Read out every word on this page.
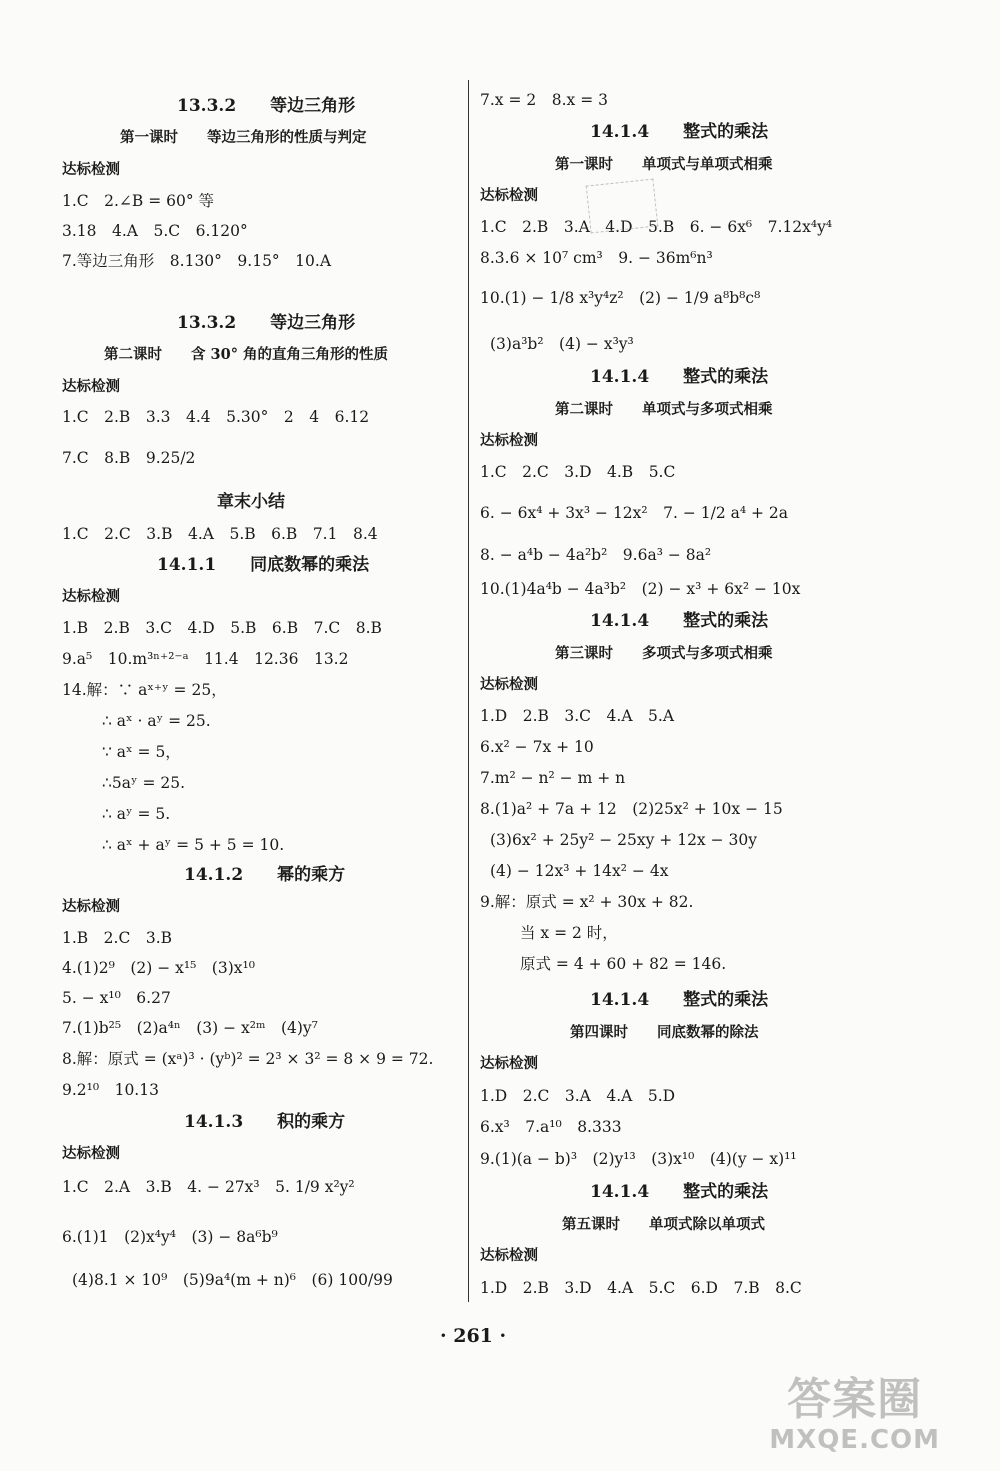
13.3.2　　等边三角形
第一课时　　等边三角形的性质与判定
达标检测
1.C　2.∠B = 60° 等
3.18　4.A　5.C　6.120°
7.等边三角形　8.130°　9.15°　10.A
13.3.2　　等边三角形
第二课时　　含 30° 角的直角三角形的性质
达标检测
1.C　2.B　3.3　4.4　5.30°　2　4　6.12
7.C　8.B　9.25/2
章末小结
1.C　2.C　3.B　4.A　5.B　6.B　7.1　8.4
14.1.1　　同底数幂的乘法
达标检测
1.B　2.B　3.C　4.D　5.B　6.B　7.C　8.B
9.a⁵　10.m³ⁿ⁺²⁻ᵃ　11.4　12.36　13.2
14.解：∵ aˣ⁺ʸ = 25，
∴ aˣ · aʸ = 25.
∵ aˣ = 5，
∴5aʸ = 25.
∴ aʸ = 5.
∴ aˣ + aʸ = 5 + 5 = 10.
14.1.2　　幂的乘方
达标检测
1.B　2.C　3.B
4.(1)2⁹　(2) − x¹⁵　(3)x¹⁰
5. − x¹⁰　6.27
7.(1)b²⁵　(2)a⁴ⁿ　(3) − x²ᵐ　(4)y⁷
8.解：原式 = (xᵃ)³ · (yᵇ)² = 2³ × 3² = 8 × 9 = 72.
9.2¹⁰　10.13
14.1.3　　积的乘方
达标检测
1.C　2.A　3.B　4. − 27x³　5. 1/9 x²y²
6.(1)1　(2)x⁴y⁴　(3) − 8a⁶b⁹
(4)8.1 × 10⁹　(5)9a⁴(m + n)⁶　(6) 100/99
7.x = 2　8.x = 3
14.1.4　　整式的乘法
第一课时　　单项式与单项式相乘
达标检测
1.C　2.B　3.A　4.D　5.B　6. − 6x⁶　7.12x⁴y⁴
8.3.6 × 10⁷ cm³　9. − 36m⁶n³
10.(1) − 1/8 x³y⁴z²　(2) − 1/9 a⁸b⁸c⁸
(3)a³b²　(4) − x³y³
14.1.4　　整式的乘法
第二课时　　单项式与多项式相乘
达标检测
1.C　2.C　3.D　4.B　5.C
6. − 6x⁴ + 3x³ − 12x²　7. − 1/2 a⁴ + 2a
8. − a⁴b − 4a²b²　9.6a³ − 8a²
10.(1)4a⁴b − 4a³b²　(2) − x³ + 6x² − 10x
14.1.4　　整式的乘法
第三课时　　多项式与多项式相乘
达标检测
1.D　2.B　3.C　4.A　5.A
6.x² − 7x + 10
7.m² − n² − m + n
8.(1)a² + 7a + 12　(2)25x² + 10x − 15
(3)6x² + 25y² − 25xy + 12x − 30y
(4) − 12x³ + 14x² − 4x
9.解：原式 = x² + 30x + 82.
当 x = 2 时，
原式 = 4 + 60 + 82 = 146.
14.1.4　　整式的乘法
第四课时　　同底数幂的除法
达标检测
1.D　2.C　3.A　4.A　5.D
6.x³　7.a¹⁰　8.333
9.(1)(a − b)³　(2)y¹³　(3)x¹⁰　(4)(y − x)¹¹
14.1.4　　整式的乘法
第五课时　　单项式除以单项式
达标检测
1.D　2.B　3.D　4.A　5.C　6.D　7.B　8.C
· 261 ·
答案圈
MXQE.COM
